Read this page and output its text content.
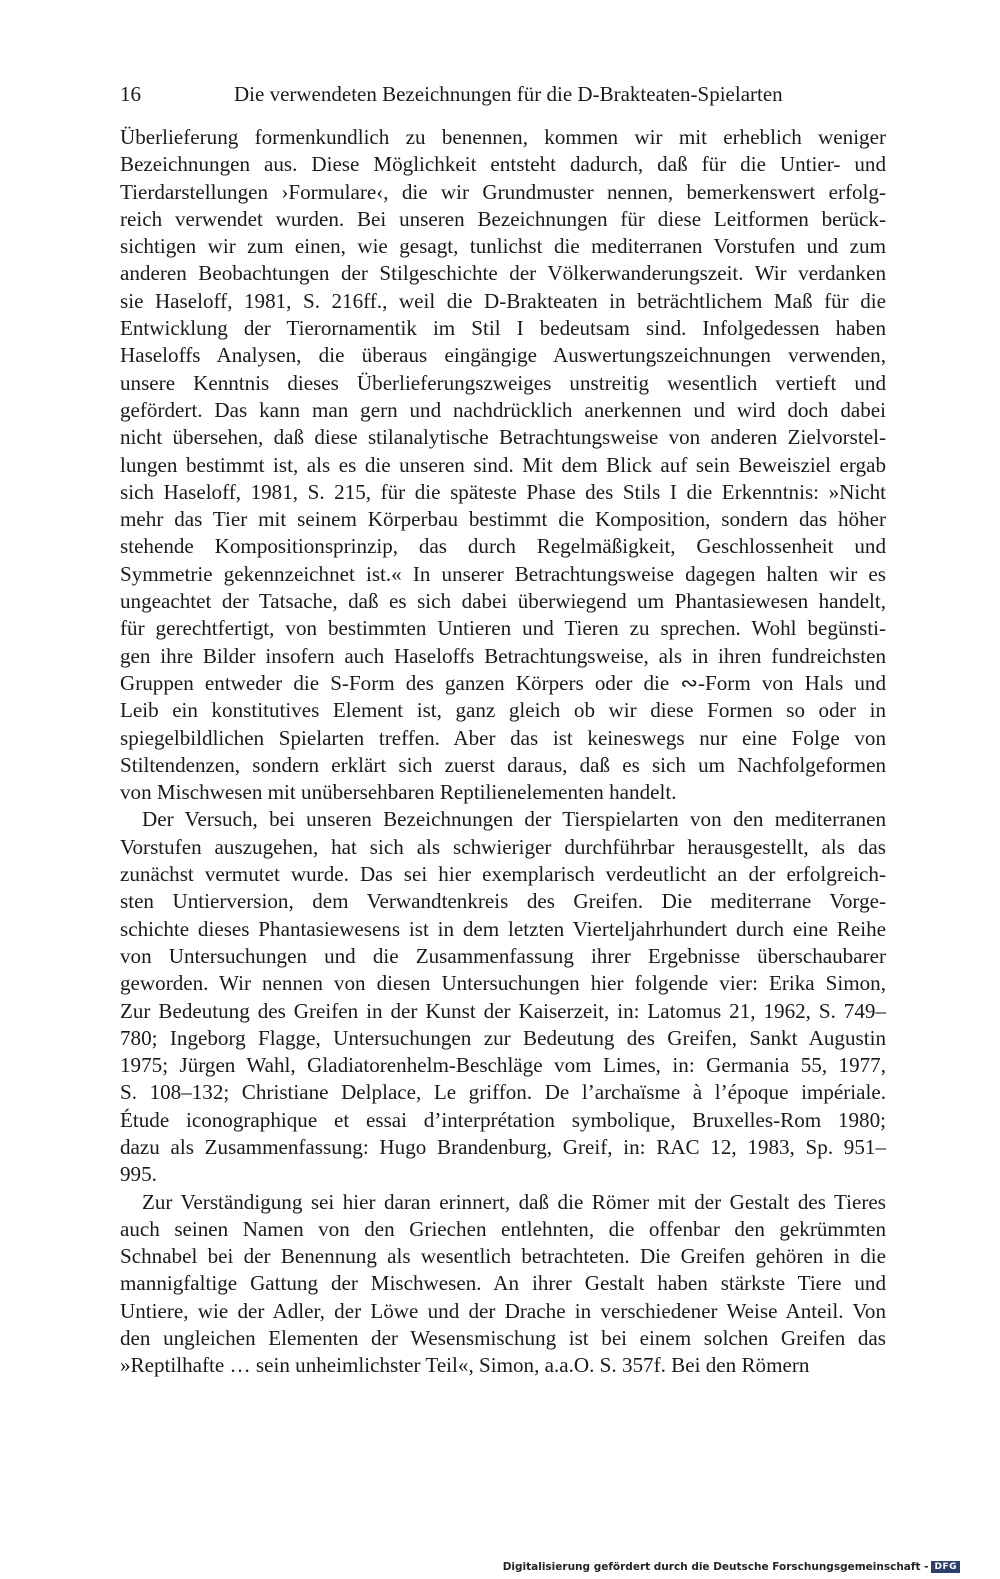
16	Die verwendeten Bezeichnungen für die D-Brakteaten-Spielarten
Überlieferung formenkundlich zu benennen, kommen wir mit erheblich weniger
Bezeichnungen aus. Diese Möglichkeit entsteht dadurch, daß für die Untier- und
Tierdarstellungen ›Formulare‹, die wir Grundmuster nennen, bemerkenswert erfolg-
reich verwendet wurden. Bei unseren Bezeichnungen für diese Leitformen berück-
sichtigen wir zum einen, wie gesagt, tunlichst die mediterranen Vorstufen und zum
anderen Beobachtungen der Stilgeschichte der Völkerwanderungszeit. Wir verdanken
sie Haseloff, 1981, S. 216ff., weil die D-Brakteaten in beträchtlichem Maß für die
Entwicklung der Tierornamentik im Stil I bedeutsam sind. Infolgedessen haben
Haseloffs Analysen, die überaus eingängige Auswertungszeichnungen verwenden,
unsere Kenntnis dieses Überlieferungszweiges unstreitig wesentlich vertieft und
gefördert. Das kann man gern und nachdrücklich anerkennen und wird doch dabei
nicht übersehen, daß diese stilanalytische Betrachtungsweise von anderen Zielvorstel-
lungen bestimmt ist, als es die unseren sind. Mit dem Blick auf sein Beweisziel ergab
sich Haseloff, 1981, S. 215, für die späteste Phase des Stils I die Erkenntnis: »Nicht
mehr das Tier mit seinem Körperbau bestimmt die Komposition, sondern das höher
stehende Kompositionsprinzip, das durch Regelmäßigkeit, Geschlossenheit und
Symmetrie gekennzeichnet ist.« In unserer Betrachtungsweise dagegen halten wir es
ungeachtet der Tatsache, daß es sich dabei überwiegend um Phantasiewesen handelt,
für gerechtfertigt, von bestimmten Untieren und Tieren zu sprechen. Wohl begünsti-
gen ihre Bilder insofern auch Haseloffs Betrachtungsweise, als in ihren fundreichsten
Gruppen entweder die S-Form des ganzen Körpers oder die ∾-Form von Hals und
Leib ein konstitutives Element ist, ganz gleich ob wir diese Formen so oder in
spiegelbildlichen Spielarten treffen. Aber das ist keineswegs nur eine Folge von
Stiltendenzen, sondern erklärt sich zuerst daraus, daß es sich um Nachfolgeformen
von Mischwesen mit unübersehbaren Reptilienelementen handelt.
Der Versuch, bei unseren Bezeichnungen der Tierspielarten von den mediterranen
Vorstufen auszugehen, hat sich als schwieriger durchführbar herausgestellt, als das
zunächst vermutet wurde. Das sei hier exemplarisch verdeutlicht an der erfolgreich-
sten Untierversion, dem Verwandtenkreis des Greifen. Die mediterrane Vorge-
schichte dieses Phantasiewesens ist in dem letzten Vierteljahrhundert durch eine Reihe
von Untersuchungen und die Zusammenfassung ihrer Ergebnisse überschaubarer
geworden. Wir nennen von diesen Untersuchungen hier folgende vier: Erika Simon,
Zur Bedeutung des Greifen in der Kunst der Kaiserzeit, in: Latomus 21, 1962, S. 749–
780; Ingeborg Flagge, Untersuchungen zur Bedeutung des Greifen, Sankt Augustin
1975; Jürgen Wahl, Gladiatorenhelm-Beschläge vom Limes, in: Germania 55, 1977,
S. 108–132; Christiane Delplace, Le griffon. De l’archaïsme à l’époque impériale.
Étude iconographique et essai d’interprétation symbolique, Bruxelles-Rom 1980;
dazu als Zusammenfassung: Hugo Brandenburg, Greif, in: RAC 12, 1983, Sp. 951–
995.
Zur Verständigung sei hier daran erinnert, daß die Römer mit der Gestalt des Tieres
auch seinen Namen von den Griechen entlehnten, die offenbar den gekrümmten
Schnabel bei der Benennung als wesentlich betrachteten. Die Greifen gehören in die
mannigfaltige Gattung der Mischwesen. An ihrer Gestalt haben stärkste Tiere und
Untiere, wie der Adler, der Löwe und der Drache in verschiedener Weise Anteil. Von
den ungleichen Elementen der Wesensmischung ist bei einem solchen Greifen das
»Reptilhafte … sein unheimlichster Teil«, Simon, a.a.O. S. 357f. Bei den Römern
Digitalisierung gefördert durch die Deutsche Forschungsgemeinschaft - DFG
